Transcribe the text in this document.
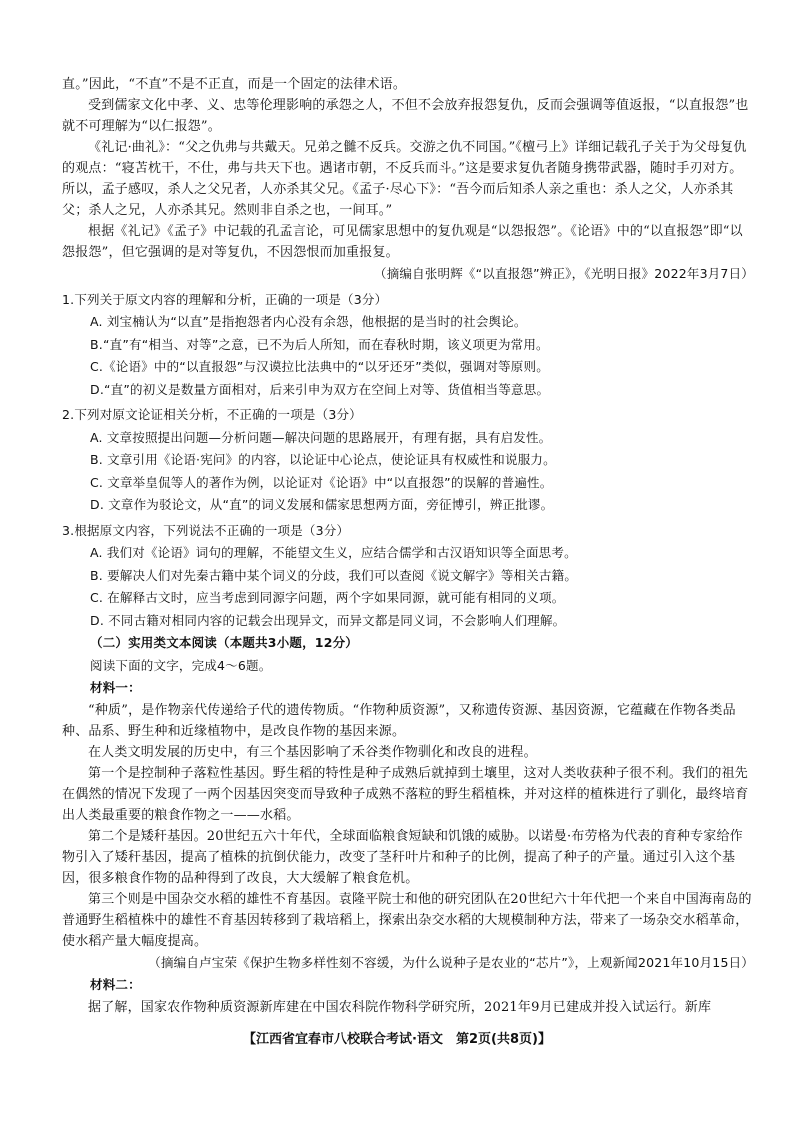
直。”因此，“不直”不是不正直，而是一个固定的法律术语。

受到儒家文化中孝、义、忠等伦理影响的承怨之人，不但不会放弃报怨复仇，反而会强调等值返报，“以直报怨”也就不可理解为“以仁报怨”。

《礼记·曲礼》：“父之仇弗与共戴天。兄弟之雠不反兵。交游之仇不同国。”《檀弓上》详细记载孔子关于为父母复仇的观点：“寝苫枕干，不仕，弗与共天下也。遇诸市朝，不反兵而斗。”这是要求复仇者随身携带武器，随时手刃对方。所以，孟子感叹，杀人之父兄者，人亦杀其父兄。《孟子·尽心下》：“吾今而后知杀人亲之重也：杀人之父，人亦杀其父；杀人之兄，人亦杀其兄。然则非自杀之也，一间耳。”

根据《礼记》《孟子》中记载的孔孟言论，可见儒家思想中的复仇观是“以怨报怨”。《论语》中的“以直报怨”即“以怨报怨”，但它强调的是对等复仇，不因怨恨而加重报复。

（摘编自张明辉《“以直报怨”辨正》，《光明日报》2022年3月7日）

1.下列关于原文内容的理解和分析，正确的一项是（3分）

A. 刘宝楠认为“以直”是指抱怨者内心没有余怨，他根据的是当时的社会舆论。

B.“直”有“相当、对等”之意，已不为后人所知，而在春秋时期，该义项更为常用。

C.《论语》中的“以直报怨”与汉谟拉比法典中的“以牙还牙”类似，强调对等原则。

D.“直”的初义是数量方面相对，后来引申为双方在空间上对等、货值相当等意思。

2.下列对原文论证相关分析，不正确的一项是（3分）

A. 文章按照提出问题—分析问题—解决问题的思路展开，有理有据，具有启发性。

B. 文章引用《论语·宪问》的内容，以论证中心论点，使论证具有权威性和说服力。

C. 文章举皇侃等人的著作为例，以论证对《论语》中“以直报怨”的误解的普遍性。

D. 文章作为驳论文，从“直”的词义发展和儒家思想两方面，旁征博引，辨正批谬。

3.根据原文内容，下列说法不正确的一项是（3分）

A. 我们对《论语》词句的理解，不能望文生义，应结合儒学和古汉语知识等全面思考。

B. 要解决人们对先秦古籍中某个词义的分歧，我们可以查阅《说文解字》等相关古籍。

C. 在解释古文时，应当考虑到同源字问题，两个字如果同源，就可能有相同的义项。

D. 不同古籍对相同内容的记载会出现异文，而异文都是同义词，不会影响人们理解。

（二）实用类文本阅读（本题共3小题，12分）

阅读下面的文字，完成4～6题。

材料一：

“种质”，是作物亲代传递给子代的遗传物质。“作物种质资源”，又称遗传资源、基因资源，它蕴藏在作物各类品种、品系、野生种和近缘植物中，是改良作物的基因来源。

在人类文明发展的历史中，有三个基因影响了禾谷类作物驯化和改良的进程。

第一个是控制种子落粒性基因。野生稻的特性是种子成熟后就掉到土壤里，这对人类收获种子很不利。我们的祖先在偶然的情况下发现了一两个因基因突变而导致种子成熟不落粒的野生稻植株，并对这样的植株进行了驯化，最终培育出人类最重要的粮食作物之一——水稻。

第二个是矮秆基因。20世纪五六十年代，全球面临粮食短缺和饥饿的威胁。以诺曼·布劳格为代表的育种专家给作物引入了矮秆基因，提高了植株的抗倒伏能力，改变了茎秆叶片和种子的比例，提高了种子的产量。通过引入这个基因，很多粮食作物的品种得到了改良，大大缓解了粮食危机。

第三个则是中国杂交水稻的雄性不育基因。袁隆平院士和他的研究团队在20世纪六十年代把一个来自中国海南岛的普通野生稻植株中的雄性不育基因转移到了栽培稻上，探索出杂交水稻的大规模制种方法，带来了一场杂交水稻革命，使水稻产量大幅度提高。

（摘编自卢宝荣《保护生物多样性刻不容缓，为什么说种子是农业的“芯片”》，上观新闻2021年10月15日）

材料二：

据了解，国家农作物种质资源新库建在中国农科院作物科学研究所，2021年9月已建成并投入试运行。新库

【江西省宜春市八校联合考试·语文　第2页(共8页)】
